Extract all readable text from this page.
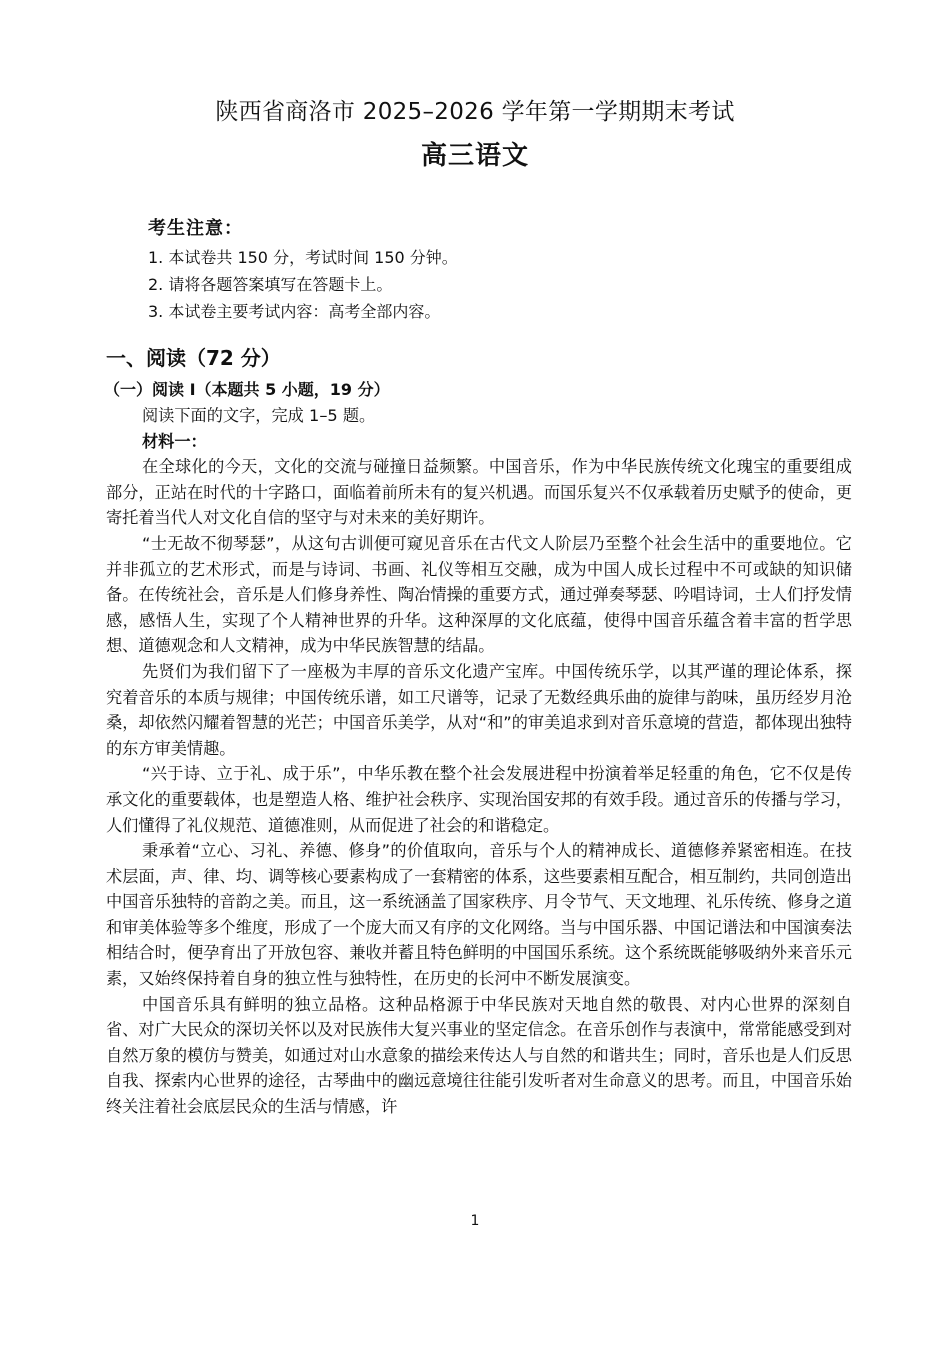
陕西省商洛市 2025–2026 学年第一学期期末考试
高三语文
考生注意：
1. 本试卷共 150 分，考试时间 150 分钟。
2. 请将各题答案填写在答题卡上。
3. 本试卷主要考试内容：高考全部内容。
一、阅读（72 分）
（一）阅读 I（本题共 5 小题，19 分）
阅读下面的文字，完成 1–5 题。
材料一：

在全球化的今天，文化的交流与碰撞日益频繁。中国音乐，作为中华民族传统文化瑰宝的重要组成部分，正站在时代的十字路口，面临着前所未有的复兴机遇。而国乐复兴不仅承载着历史赋予的使命，更寄托着当代人对文化自信的坚守与对未来的美好期许。

“士无故不彻琴瑟”，从这句古训便可窥见音乐在古代文人阶层乃至整个社会生活中的重要地位。它并非孤立的艺术形式，而是与诗词、书画、礼仪等相互交融，成为中国人成长过程中不可或缺的知识储备。在传统社会，音乐是人们修身养性、陶冶情操的重要方式，通过弹奏琴瑟、吟唱诗词，士人们抒发情感，感悟人生，实现了个人精神世界的升华。这种深厚的文化底蕴，使得中国音乐蕴含着丰富的哲学思想、道德观念和人文精神，成为中华民族智慧的结晶。

先贤们为我们留下了一座极为丰厚的音乐文化遗产宝库。中国传统乐学，以其严谨的理论体系，探究着音乐的本质与规律；中国传统乐谱，如工尺谱等，记录了无数经典乐曲的旋律与韵味，虽历经岁月沧桑，却依然闪耀着智慧的光芒；中国音乐美学，从对“和”的审美追求到对音乐意境的营造，都体现出独特的东方审美情趣。

“兴于诗、立于礼、成于乐”，中华乐教在整个社会发展进程中扮演着举足轻重的角色，它不仅是传承文化的重要载体，也是塑造人格、维护社会秩序、实现治国安邦的有效手段。通过音乐的传播与学习，人们懂得了礼仪规范、道德准则，从而促进了社会的和谐稳定。

秉承着“立心、习礼、养德、修身”的价值取向，音乐与个人的精神成长、道德修养紧密相连。在技术层面，声、律、均、调等核心要素构成了一套精密的体系，这些要素相互配合，相互制约，共同创造出中国音乐独特的音韵之美。而且，这一系统涵盖了国家秩序、月令节气、天文地理、礼乐传统、修身之道和审美体验等多个维度，形成了一个庞大而又有序的文化网络。当与中国乐器、中国记谱法和中国演奏法相结合时，便孕育出了开放包容、兼收并蓄且特色鲜明的中国国乐系统。这个系统既能够吸纳外来音乐元素，又始终保持着自身的独立性与独特性，在历史的长河中不断发展演变。

中国音乐具有鲜明的独立品格。这种品格源于中华民族对天地自然的敬畏、对内心世界的深刻自省、对广大民众的深切关怀以及对民族伟大复兴事业的坚定信念。在音乐创作与表演中，常常能感受到对自然万象的模仿与赞美，如通过对山水意象的描绘来传达人与自然的和谐共生；同时，音乐也是人们反思自我、探索内心世界的途径，古琴曲中的幽远意境往往能引发听者对生命意义的思考。而且，中国音乐始终关注着社会底层民众的生活与情感，许

1
